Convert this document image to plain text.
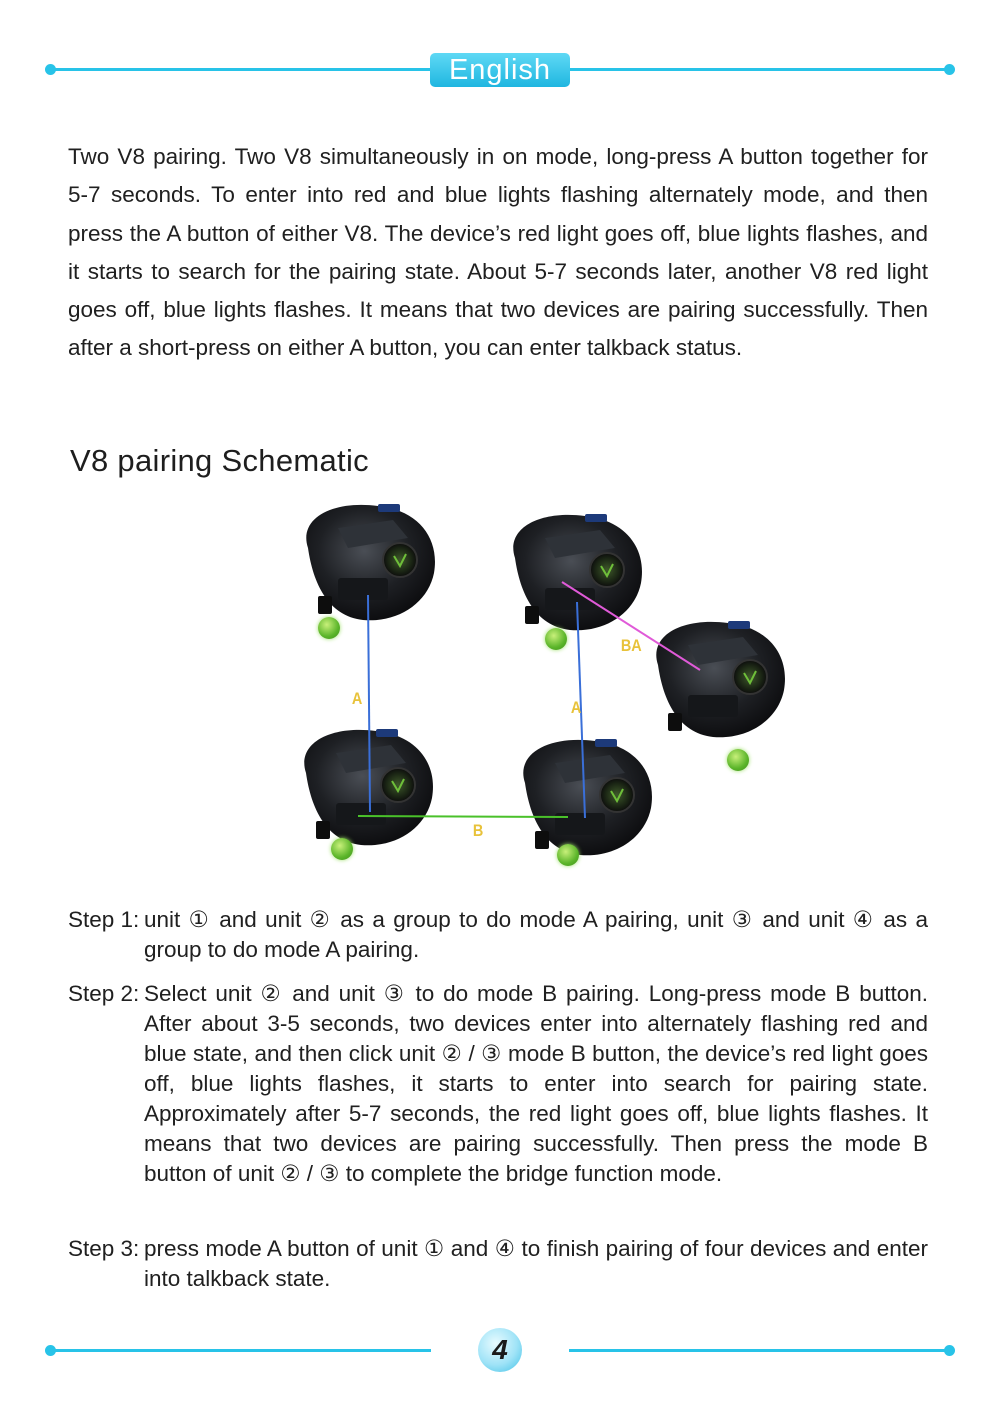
English
Two V8 pairing. Two V8 simultaneously in on mode, long-press A button together for 5-7 seconds. To enter into red and blue lights flashing alternately mode, and then press the A button of either V8. The device’s red light goes off, blue lights flashes, and it starts to search for the pairing state. About 5-7 seconds later, another V8 red light goes off, blue lights flashes. It means that two devices are pairing successfully. Then after a short-press on either A button, you can enter talkback status.
V8 pairing Schematic
A	A
B
BA
Step 1: unit ① and unit ② as a group to do mode A pairing, unit ③ and unit ④ as a group to do mode A pairing.
Step 2: Select unit ② and unit ③ to do mode B pairing. Long-press mode B button. After about 3-5 seconds, two devices enter into alternately flashing red and blue state, and then click unit ② / ③ mode B button, the device’s red light goes off, blue lights flashes, it starts to enter into search for pairing state. Approximately after 5-7 seconds, the red light goes off, blue lights flashes. It means that two devices are pairing successfully. Then press the mode B button of unit ② / ③ to complete the bridge function mode.
Step 3: press mode A button of unit ① and ④ to finish pairing of four devices and enter into talkback state.
4
